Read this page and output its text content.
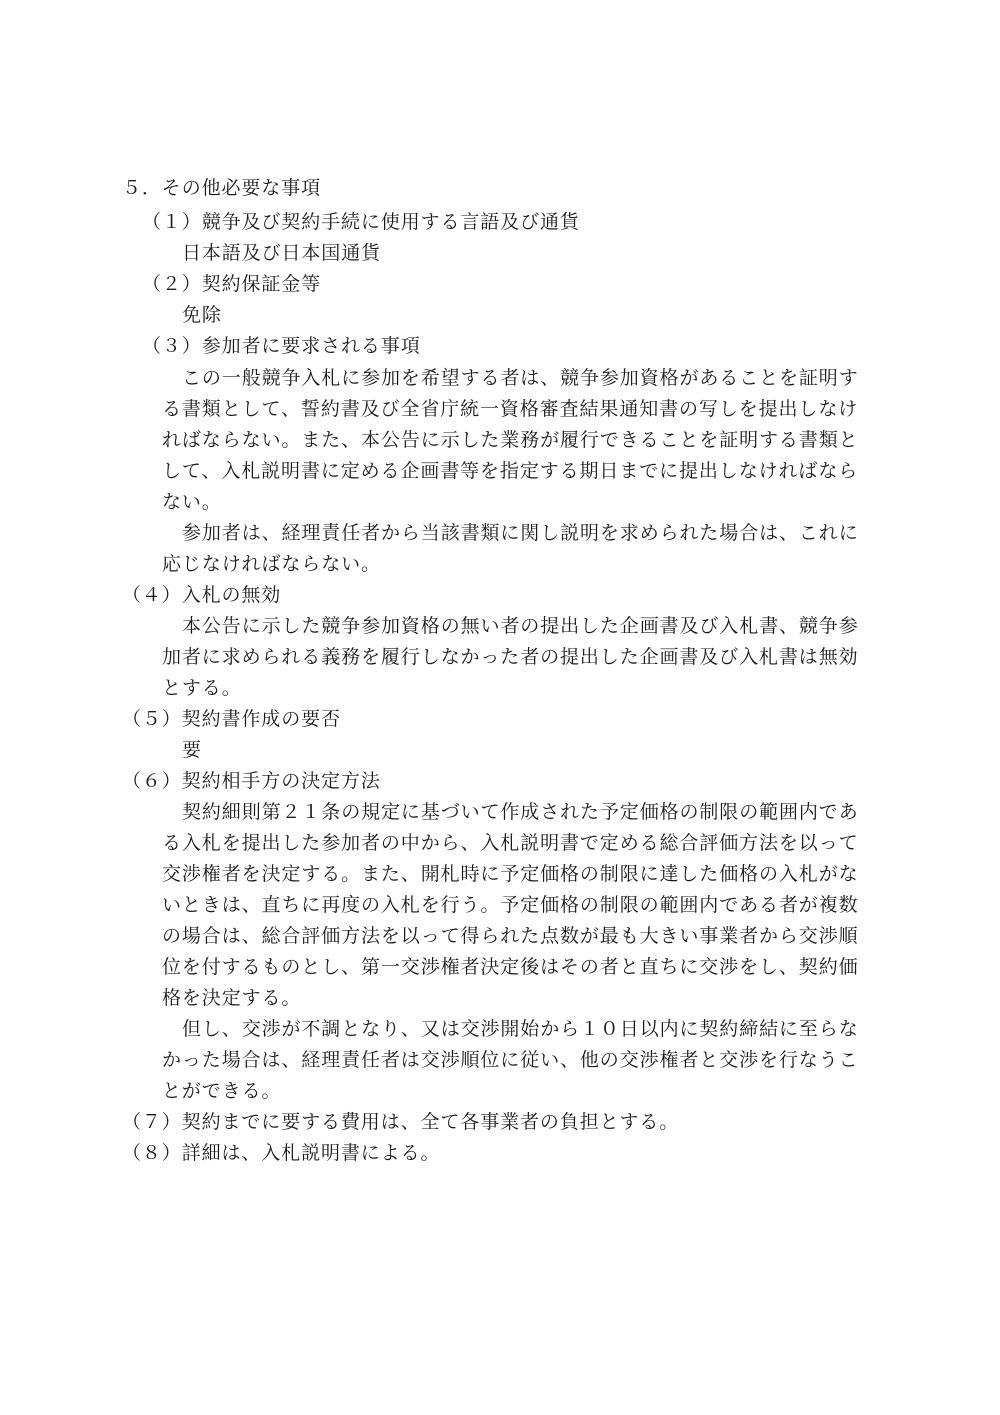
５．その他必要な事項
（１）競争及び契約手続に使用する言語及び通貨
日本語及び日本国通貨
（２）契約保証金等
免除
（３）参加者に要求される事項
この一般競争入札に参加を希望する者は、競争参加資格があることを証明す
る書類として、誓約書及び全省庁統一資格審査結果通知書の写しを提出しなけ
ればならない。また、本公告に示した業務が履行できることを証明する書類と
して、入札説明書に定める企画書等を指定する期日までに提出しなければなら
ない。
参加者は、経理責任者から当該書類に関し説明を求められた場合は、これに
応じなければならない。
（４）入札の無効
本公告に示した競争参加資格の無い者の提出した企画書及び入札書、競争参
加者に求められる義務を履行しなかった者の提出した企画書及び入札書は無効
とする。
（５）契約書作成の要否
要
（６）契約相手方の決定方法
契約細則第２１条の規定に基づいて作成された予定価格の制限の範囲内であ
る入札を提出した参加者の中から、入札説明書で定める総合評価方法を以って
交渉権者を決定する。また、開札時に予定価格の制限に達した価格の入札がな
いときは、直ちに再度の入札を行う。予定価格の制限の範囲内である者が複数
の場合は、総合評価方法を以って得られた点数が最も大きい事業者から交渉順
位を付するものとし、第一交渉権者決定後はその者と直ちに交渉をし、契約価
格を決定する。
但し、交渉が不調となり、又は交渉開始から１０日以内に契約締結に至らな
かった場合は、経理責任者は交渉順位に従い、他の交渉権者と交渉を行なうこ
とができる。
（７）契約までに要する費用は、全て各事業者の負担とする。
（８）詳細は、入札説明書による。
